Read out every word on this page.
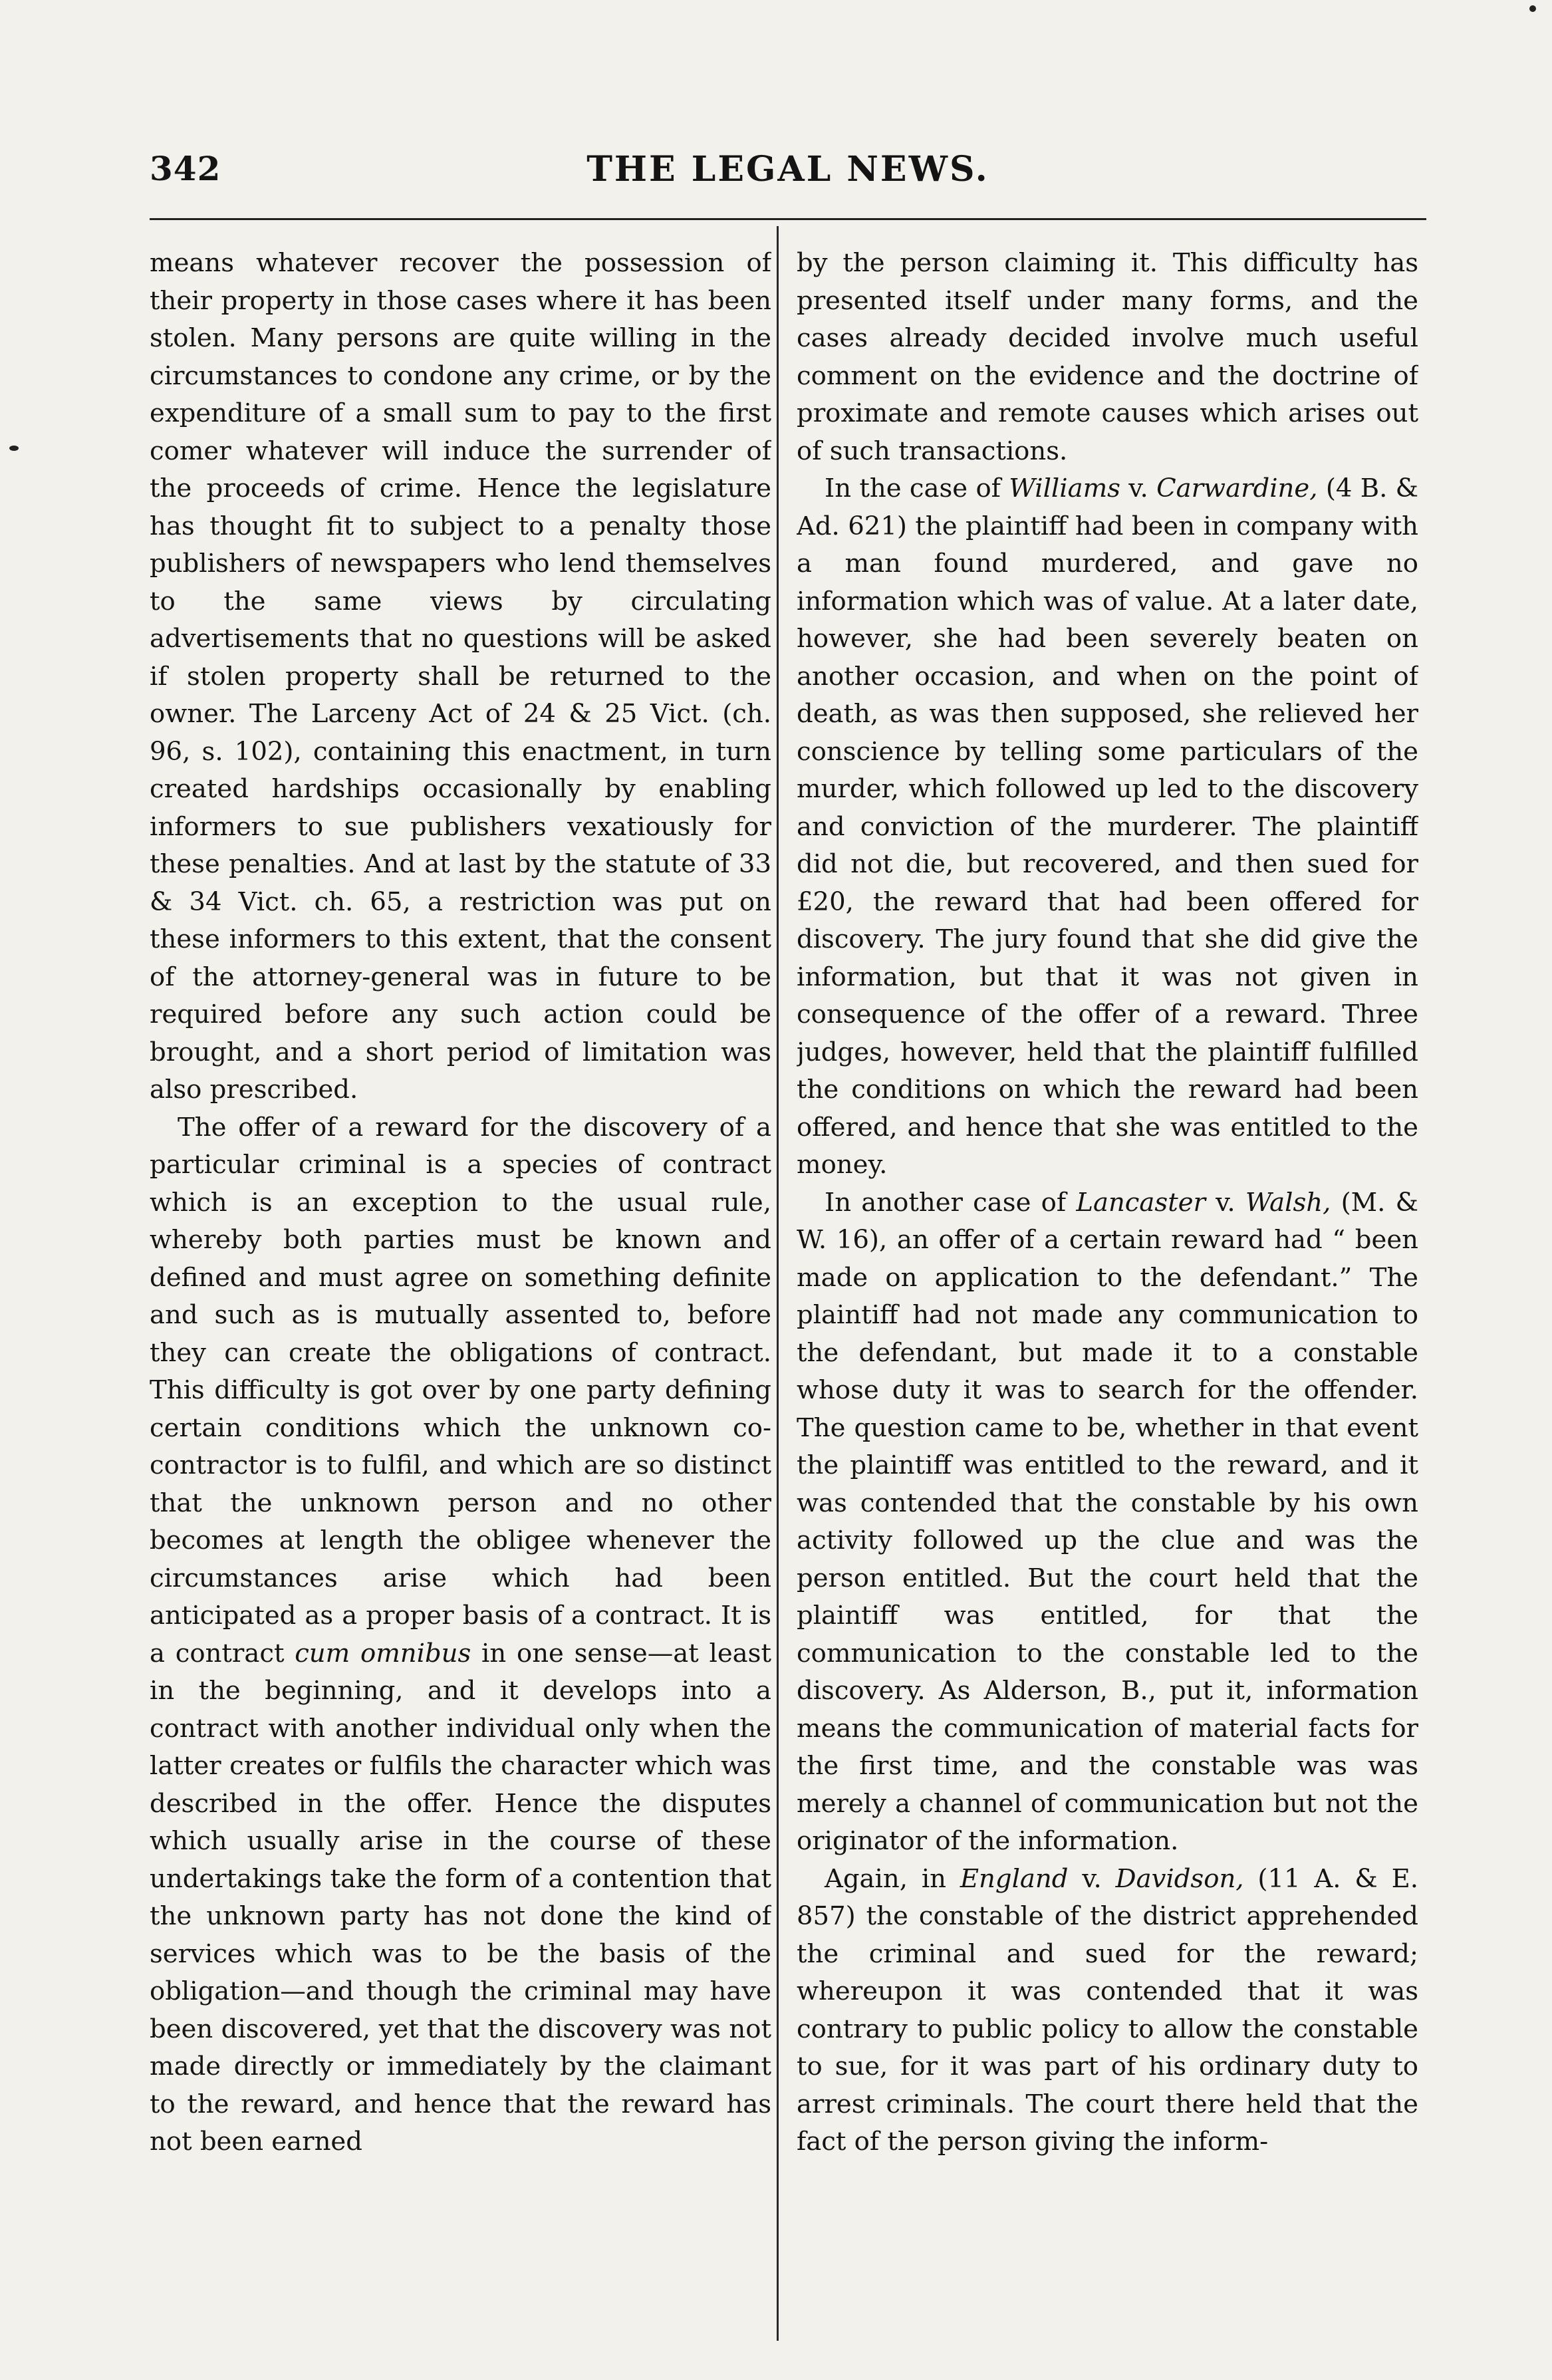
342	THE LEGAL NEWS.

means whatever recover the possession of their property in those cases where it has been stolen. Many persons are quite willing in the circumstances to condone any crime, or by the expenditure of a small sum to pay to the first comer whatever will induce the surrender of the proceeds of crime. Hence the legislature has thought fit to subject to a penalty those publishers of newspapers who lend themselves to the same views by circulating advertisements that no questions will be asked if stolen property shall be returned to the owner. The Larceny Act of 24 & 25 Vict. (ch. 96, s. 102), containing this enactment, in turn created hardships occasionally by enabling informers to sue publishers vexatiously for these penalties. And at last by the statute of 33 & 34 Vict. ch. 65, a restriction was put on these informers to this extent, that the consent of the attorney-general was in future to be required before any such action could be brought, and a short period of limitation was also prescribed.

The offer of a reward for the discovery of a particular criminal is a species of contract which is an exception to the usual rule, whereby both parties must be known and defined and must agree on something definite and such as is mutually assented to, before they can create the obligations of contract. This difficulty is got over by one party defining certain conditions which the unknown co-contractor is to fulfil, and which are so distinct that the unknown person and no other becomes at length the obligee whenever the circumstances arise which had been anticipated as a proper basis of a contract. It is a contract cum omnibus in one sense—at least in the beginning, and it develops into a contract with another individual only when the latter creates or fulfils the character which was described in the offer. Hence the disputes which usually arise in the course of these undertakings take the form of a contention that the unknown party has not done the kind of services which was to be the basis of the obligation—and though the criminal may have been discovered, yet that the discovery was not made directly or immediately by the claimant to the reward, and hence that the reward has not been earned

by the person claiming it. This difficulty has presented itself under many forms, and the cases already decided involve much useful comment on the evidence and the doctrine of proximate and remote causes which arises out of such transactions.

In the case of Williams v. Carwardine, (4 B. & Ad. 621) the plaintiff had been in company with a man found murdered, and gave no information which was of value. At a later date, however, she had been severely beaten on another occasion, and when on the point of death, as was then supposed, she relieved her conscience by telling some particulars of the murder, which followed up led to the discovery and conviction of the murderer. The plaintiff did not die, but recovered, and then sued for £20, the reward that had been offered for discovery. The jury found that she did give the information, but that it was not given in consequence of the offer of a reward. Three judges, however, held that the plaintiff fulfilled the conditions on which the reward had been offered, and hence that she was entitled to the money.

In another case of Lancaster v. Walsh, (M. & W. 16), an offer of a certain reward had “ been made on application to the defendant.” The plaintiff had not made any communication to the defendant, but made it to a constable whose duty it was to search for the offender. The question came to be, whether in that event the plaintiff was entitled to the reward, and it was contended that the constable by his own activity followed up the clue and was the person entitled. But the court held that the plaintiff was entitled, for that the communication to the constable led to the discovery. As Alderson, B., put it, information means the communication of material facts for the first time, and the constable was was merely a channel of communication but not the originator of the information.

Again, in England v. Davidson, (11 A. & E. 857) the constable of the district apprehended the criminal and sued for the reward; whereupon it was contended that it was contrary to public policy to allow the constable to sue, for it was part of his ordinary duty to arrest criminals. The court there held that the fact of the person giving the inform-
